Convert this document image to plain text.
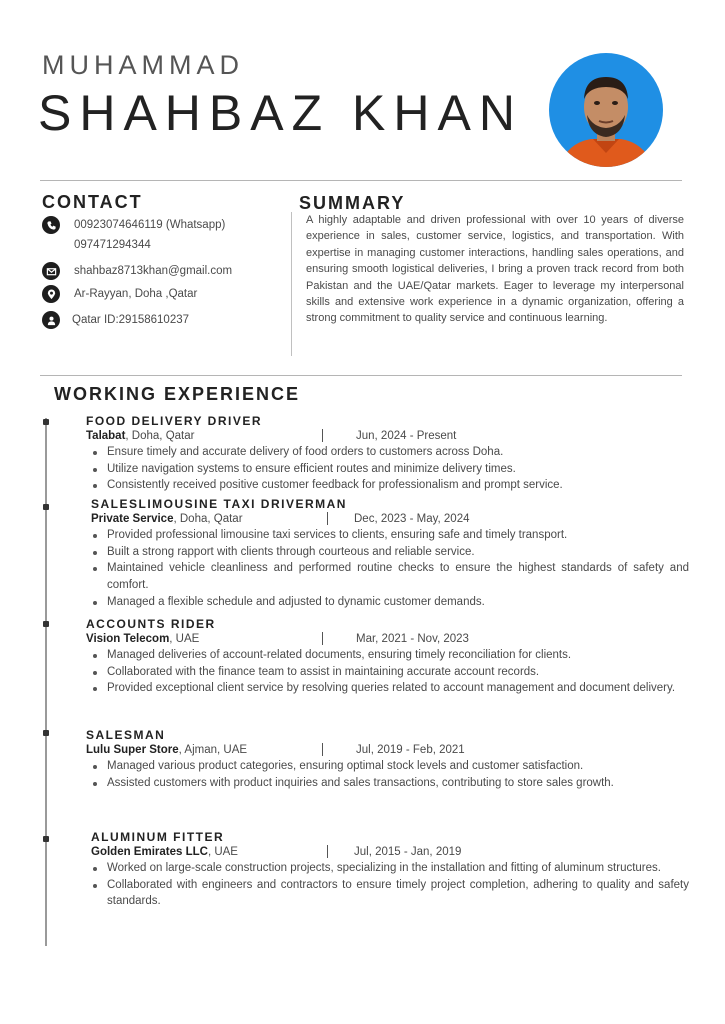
MUHAMMAD
SHAHBAZ KHAN
CONTACT
00923074646119 (Whatsapp)
097471294344
shahbaz8713khan@gmail.com
Ar-Rayyan, Doha ,Qatar
Qatar ID:29158610237
SUMMARY
A highly adaptable and driven professional with over 10 years of diverse experience in sales, customer service, logistics, and transportation. With expertise in managing customer interactions, handling sales operations, and ensuring smooth logistical deliveries, I bring a proven track record from both Pakistan and the UAE/Qatar markets. Eager to leverage my interpersonal skills and extensive work experience in a dynamic organization, offering a strong commitment to quality service and continuous learning.
WORKING EXPERIENCE
FOOD DELIVERY DRIVER
Talabat, Doha, Qatar	Jun, 2024 - Present
Ensure timely and accurate delivery of food orders to customers across Doha.
Utilize navigation systems to ensure efficient routes and minimize delivery times.
Consistently received positive customer feedback for professionalism and prompt service.
SALESLIMOUSINE TAXI DRIVERMAN
Private Service, Doha, Qatar	Dec, 2023 - May, 2024
Provided professional limousine taxi services to clients, ensuring safe and timely transport.
Built a strong rapport with clients through courteous and reliable service.
Maintained vehicle cleanliness and performed routine checks to ensure the highest standards of safety and comfort.
Managed a flexible schedule and adjusted to dynamic customer demands.
ACCOUNTS RIDER
Vision Telecom, UAE	Mar, 2021 - Nov, 2023
Managed deliveries of account-related documents, ensuring timely reconciliation for clients.
Collaborated with the finance team to assist in maintaining accurate account records.
Provided exceptional client service by resolving queries related to account management and document delivery.
SALESMAN
Lulu Super Store, Ajman, UAE	Jul, 2019 - Feb, 2021
Managed various product categories, ensuring optimal stock levels and customer satisfaction.
Assisted customers with product inquiries and sales transactions, contributing to store sales growth.
ALUMINUM FITTER
Golden Emirates LLC, UAE	Jul, 2015 - Jan, 2019
Worked on large-scale construction projects, specializing in the installation and fitting of aluminum structures.
Collaborated with engineers and contractors to ensure timely project completion, adhering to quality and safety standards.
